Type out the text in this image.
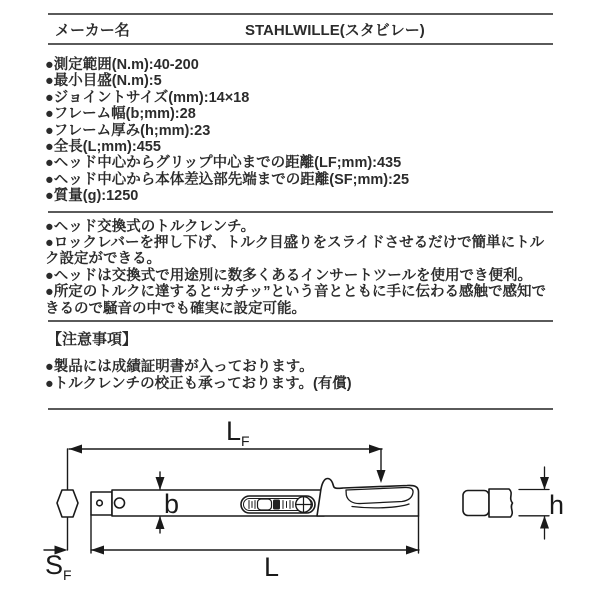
メーカー名	STAHLWILLE(スタビレー)
●測定範囲(N.m):40-200
●最小目盛(N.m):5
●ジョイントサイズ(mm):14×18
●フレーム幅(b;mm):28
●フレーム厚み(h;mm):23
●全長(L;mm):455
●ヘッド中心からグリップ中心までの距離(LF;mm):435
●ヘッド中心から本体差込部先端までの距離(SF;mm):25
●質量(g):1250
●ヘッド交換式のトルクレンチ。
●ロックレバーを押し下げ、トルク目盛りをスライドさせるだけで簡単にトルク設定ができる。
●ヘッドは交換式で用途別に数多くあるインサートツールを使用でき便利。
●所定のトルクに達すると“カチッ”という音とともに手に伝わる感触で感知できるので騒音の中でも確実に設定可能。
【注意事項】
●製品には成績証明書が入っております。
●トルクレンチの校正も承っております。(有償)
$L_F$
b
L
$S_F$
h
